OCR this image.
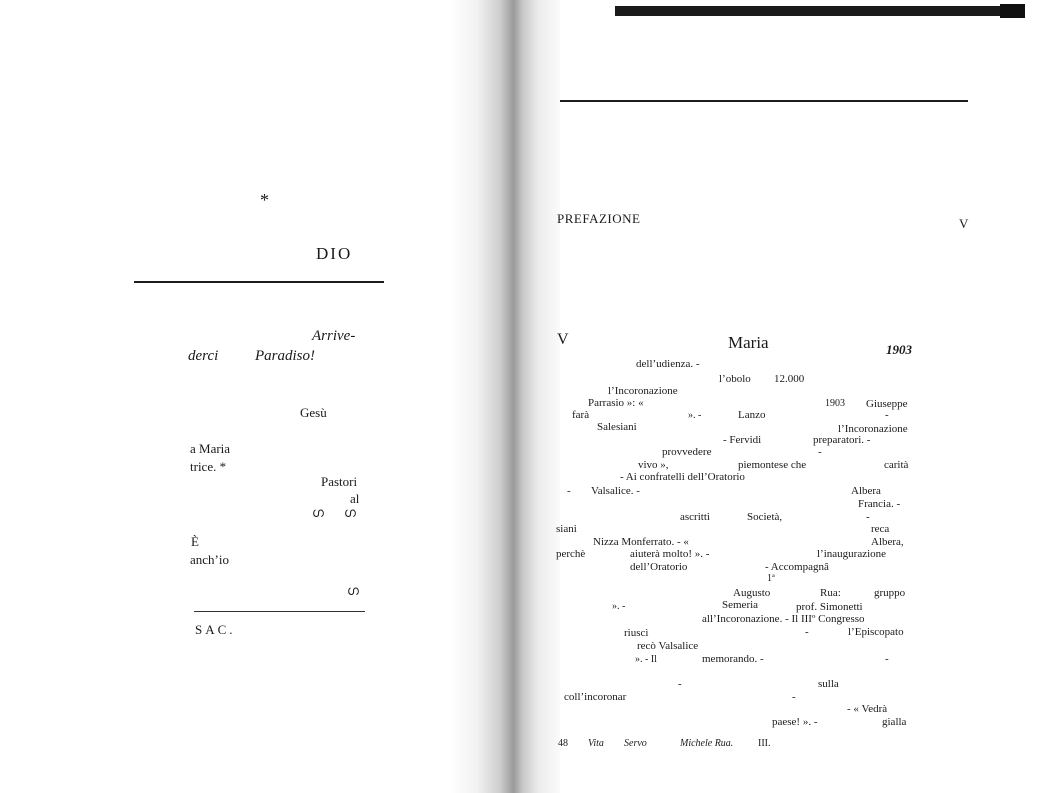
*
DIO
Arrive-
derci Paradiso!
Gesù
a Maria
trice. *
Pastori
al
ഗ ഗ
È
anch’io
ഗ
SAC.
PREFAZIONE	V
V	Maria	1903
dell’udienza. -
l’obolo 12.000
l’Incoronazione
Parrasio »: «	1903 Giuseppe
farà	». -	Lanzo	-
Salesiani	l’Incoronazione
- Fervidi	preparatori. -
provvedere	-
vivo »,	piemontese che	carità
- Ai confratelli dell’Oratorio
- Valsalice. -	Albera
Francia. -
ascritti	Società,	-
siani	reca
Nizza Monferrato. - «	Albera,
perchè	aiuterà molto! ». -	l’inaugurazione
dell’Oratorio	- Accompagnâ
1ª
Augusto	Rua:	gruppo
». -	Semeria	prof. Simonetti
all’Incoronazione. - Il IIIº Congresso
riuscì	-	l’Episcopato
recò Valsalice
». - Il	memorando. -	-
-	sulla
coll’incoronar	-
- « Vedrà
paese! ». -	gialla
48 Vita Servo	Michele Rua. III.
